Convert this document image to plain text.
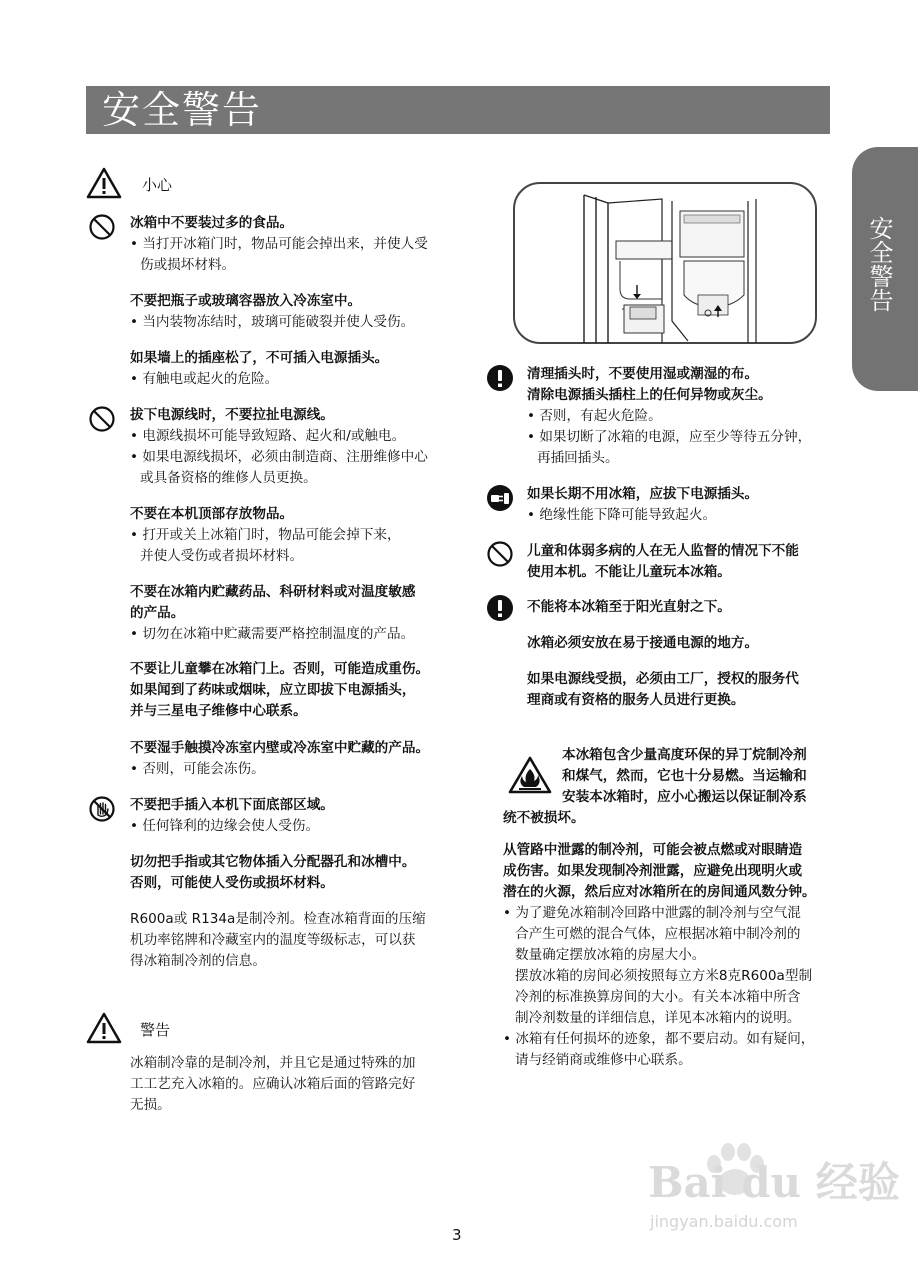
安全警告
安全警告
小心
冰箱中不要装过多的食品。
• 当打开冰箱门时，物品可能会掉出来，并使人受
伤或损坏材料。
不要把瓶子或玻璃容器放入冷冻室中。
• 当内装物冻结时，玻璃可能破裂并使人受伤。
如果墙上的插座松了，不可插入电源插头。
• 有触电或起火的危险。
拔下电源线时，不要拉扯电源线。
• 电源线损坏可能导致短路、起火和/或触电。
• 如果电源线损坏，必须由制造商、注册维修中心
或具备资格的维修人员更换。
不要在本机顶部存放物品。
• 打开或关上冰箱门时，物品可能会掉下来，
并使人受伤或者损坏材料。
不要在冰箱内贮藏药品、科研材料或对温度敏感
的产品。
• 切勿在冰箱中贮藏需要严格控制温度的产品。
不要让儿童攀在冰箱门上。否则，可能造成重伤。
如果闻到了药味或烟味，应立即拔下电源插头，
并与三星电子维修中心联系。
不要湿手触摸冷冻室内壁或冷冻室中贮藏的产品。
• 否则，可能会冻伤。
不要把手插入本机下面底部区域。
• 任何锋利的边缘会使人受伤。
切勿把手指或其它物体插入分配器孔和冰槽中。
否则，可能使人受伤或损坏材料。
R600a或 R134a是制冷剂。检查冰箱背面的压缩
机功率铭牌和冷藏室内的温度等级标志，可以获
得冰箱制冷剂的信息。
警告
冰箱制冷靠的是制冷剂，并且它是通过特殊的加
工工艺充入冰箱的。应确认冰箱后面的管路完好
无损。
清理插头时，不要使用湿或潮湿的布。
清除电源插头插柱上的任何异物或灰尘。
• 否则，有起火危险。
• 如果切断了冰箱的电源，应至少等待五分钟，
再插回插头。
如果长期不用冰箱，应拔下电源插头。
• 绝缘性能下降可能导致起火。
儿童和体弱多病的人在无人监督的情况下不能
使用本机。不能让儿童玩本冰箱。
不能将本冰箱至于阳光直射之下。
冰箱必须安放在易于接通电源的地方。
如果电源线受损，必须由工厂，授权的服务代
理商或有资格的服务人员进行更换。
本冰箱包含少量高度环保的异丁烷制冷剂
和煤气，然而，它也十分易燃。当运输和
安装本冰箱时，应小心搬运以保证制冷系
统不被损坏。
从管路中泄露的制冷剂，可能会被点燃或对眼睛造
成伤害。如果发现制冷剂泄露，应避免出现明火或
潜在的火源，然后应对冰箱所在的房间通风数分钟。
• 为了避免冰箱制冷回路中泄露的制冷剂与空气混
合产生可燃的混合气体，应根据冰箱中制冷剂的
数量确定摆放冰箱的房屋大小。
摆放冰箱的房间必须按照每立方米8克R600a型制
冷剂的标准换算房间的大小。有关本冰箱中所含
制冷剂数量的详细信息，详见本冰箱内的说明。
• 冰箱有任何损坏的迹象，都不要启动。如有疑问，
请与经销商或维修中心联系。
3
Bai du 经验
jingyan.baidu.com
